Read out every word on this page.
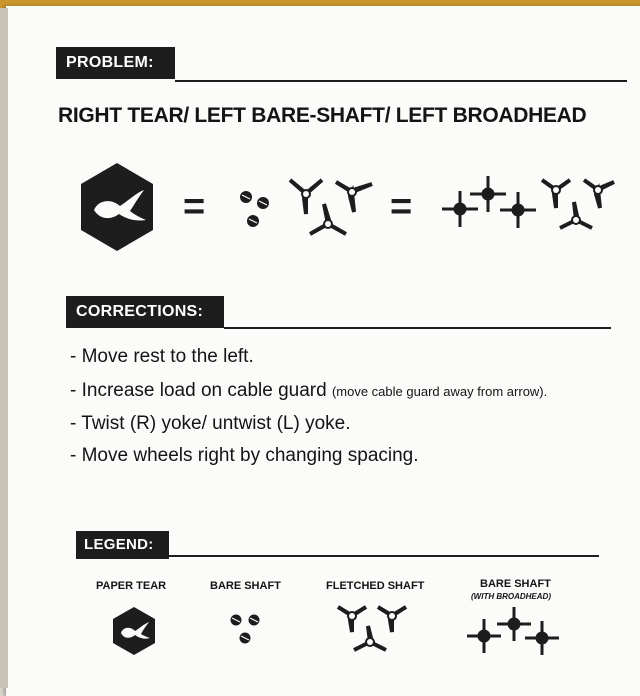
PROBLEM:
RIGHT TEAR/ LEFT BARE-SHAFT/ LEFT BROADHEAD
=	=
CORRECTIONS:
- Move rest to the left.
- Increase load on cable guard (move cable guard away from arrow).
- Twist (R) yoke/ untwist (L) yoke.
- Move wheels right by changing spacing.
LEGEND:
PAPER TEAR	BARE SHAFT	FLETCHED SHAFT	BARE SHAFT
(WITH BROADHEAD)
